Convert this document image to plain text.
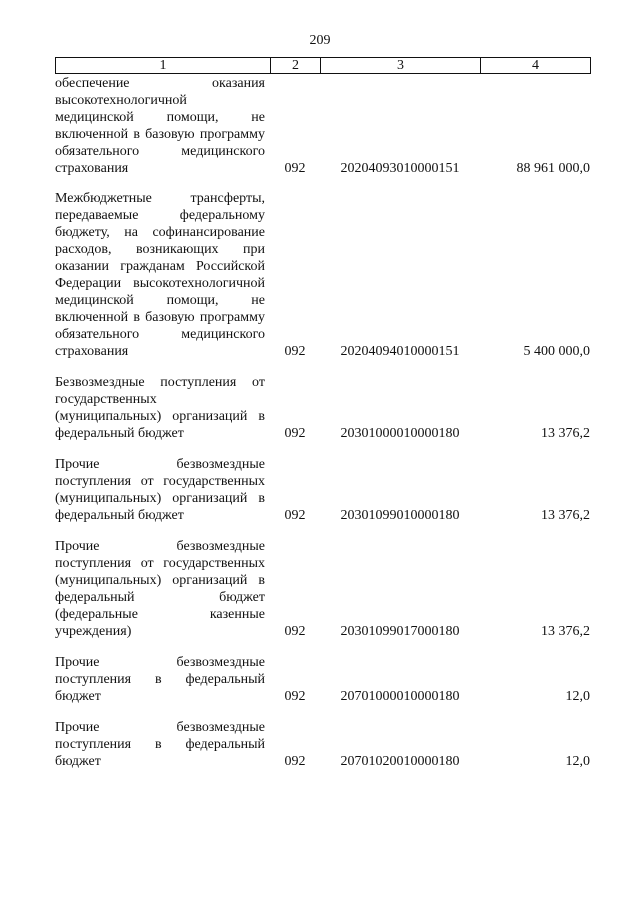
209
1	2	3	4
обеспечение оказания высокотехнологичной медицинской помощи, не включенной в базовую программу обязательного медицинского страхования	092	20204093010000151	88 961 000,0
Межбюджетные трансферты, передаваемые федеральному бюджету, на софинансирование расходов, возникающих при оказании гражданам Российской Федерации высокотехнологичной медицинской помощи, не включенной в базовую программу обязательного медицинского страхования	092	20204094010000151	5 400 000,0
Безвозмездные поступления от государственных (муниципальных) организаций в федеральный бюджет	092	20301000010000180	13 376,2
Прочие безвозмездные поступления от государственных (муниципальных) организаций в федеральный бюджет	092	20301099010000180	13 376,2
Прочие безвозмездные поступления от государственных (муниципальных) организаций в федеральный бюджет (федеральные казенные учреждения)	092	20301099017000180	13 376,2
Прочие безвозмездные поступления в федеральный бюджет	092	20701000010000180	12,0
Прочие безвозмездные поступления в федеральный бюджет	092	20701020010000180	12,0
